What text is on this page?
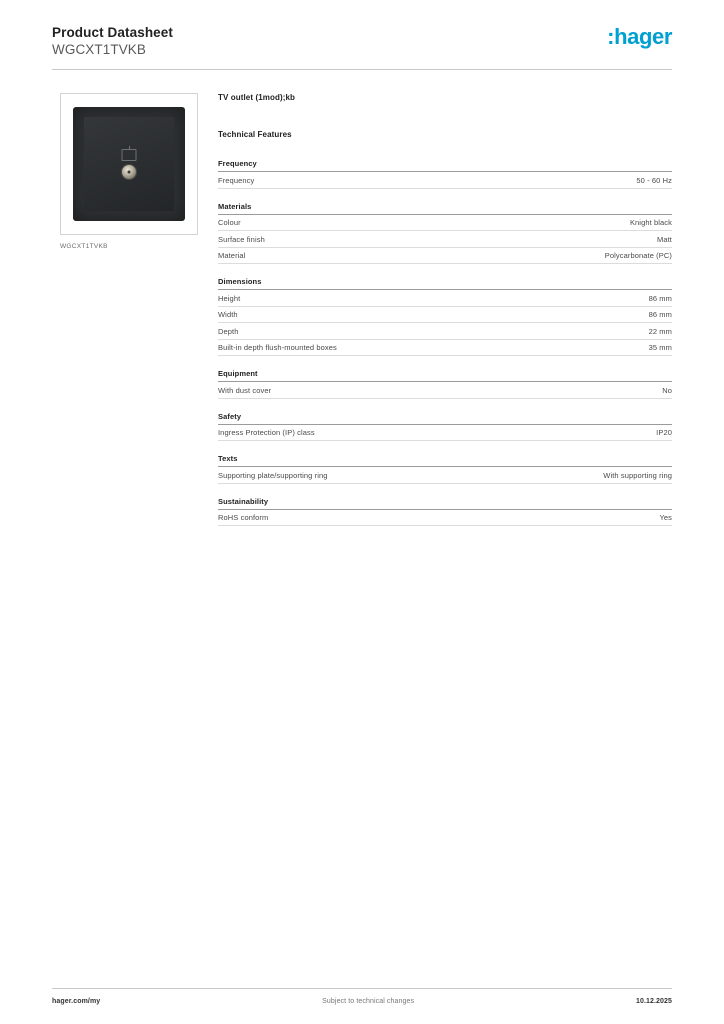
Product Datasheet
WGCXT1TVKB
:hager
WGCXT1TVKB
TV outlet (1mod);kb
Technical Features
Frequency
Frequency	50 - 60 Hz
Materials
Colour	Knight black
Surface finish	Matt
Material	Polycarbonate (PC)
Dimensions
Height	86 mm
Width	86 mm
Depth	22 mm
Built-in depth flush-mounted boxes	35 mm
Equipment
With dust cover	No
Safety
Ingress Protection (IP) class	IP20
Texts
Supporting plate/supporting ring	With supporting ring
Sustainability
RoHS conform	Yes
hager.com/my	Subject to technical changes	10.12.2025
